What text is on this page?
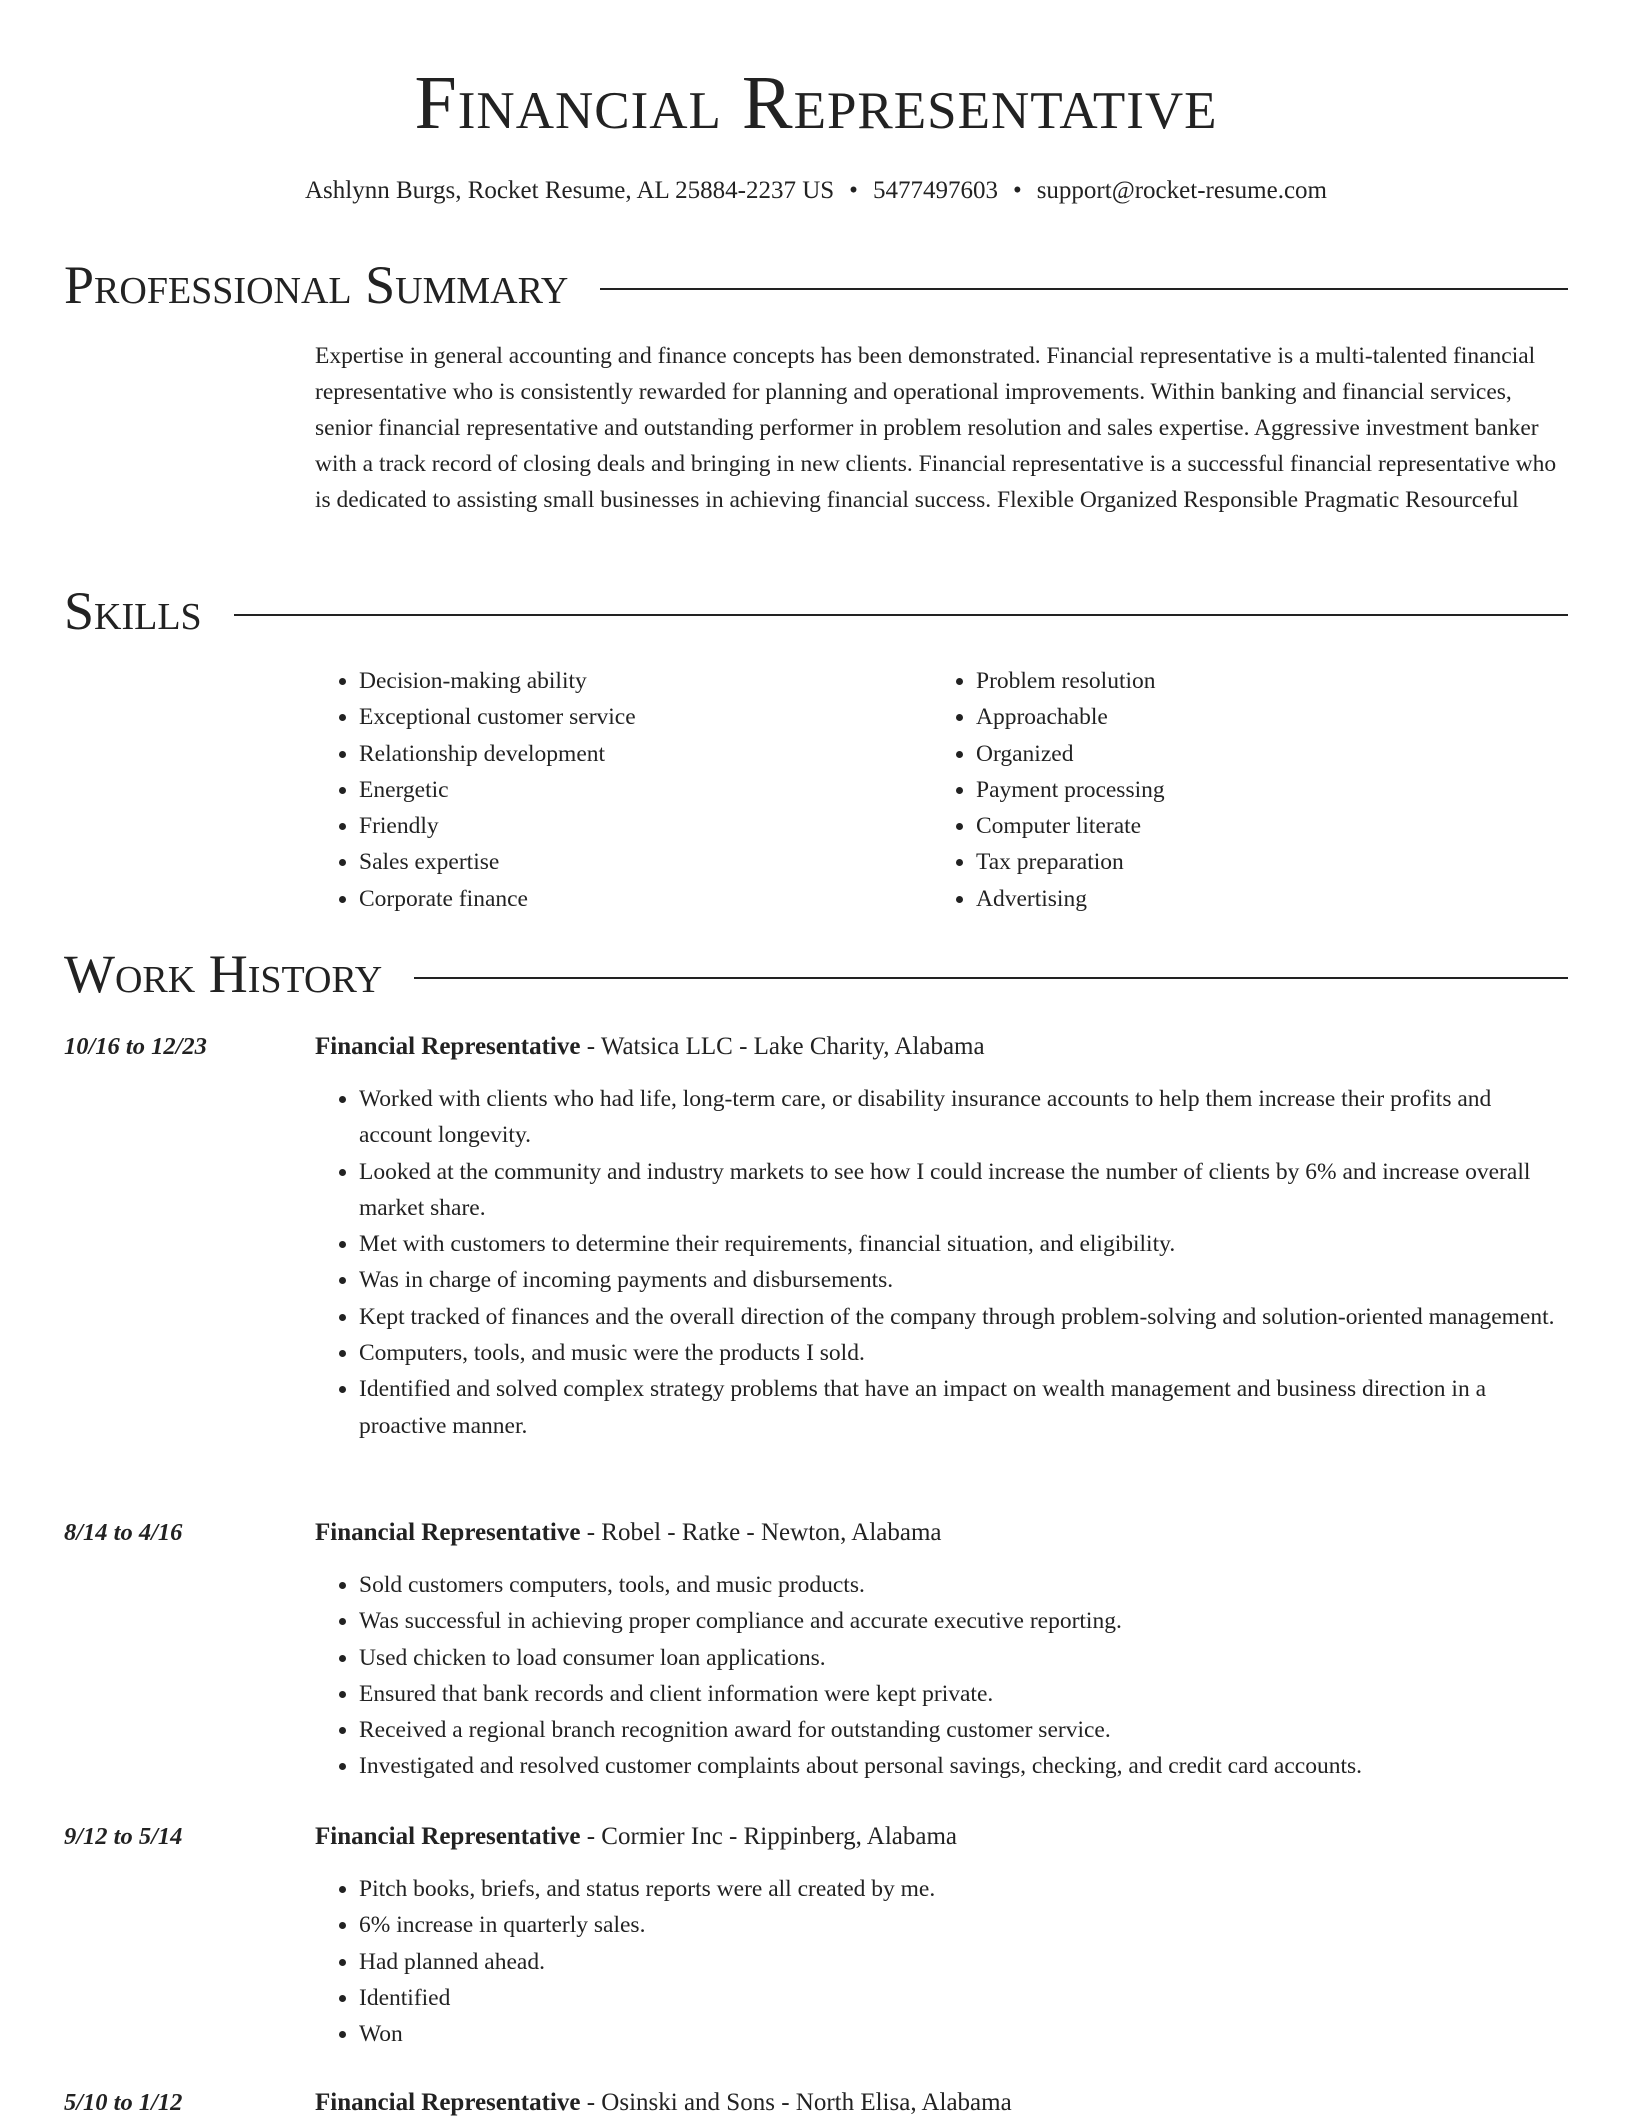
Financial Representative
Ashlynn Burgs, Rocket Resume, AL 25884-2237 US • 5477497603 • support@rocket-resume.com
Professional Summary

Expertise in general accounting and finance concepts has been demonstrated. Financial representative is a multi-talented financial representative who is consistently rewarded for planning and operational improvements. Within banking and financial services, senior financial representative and outstanding performer in problem resolution and sales expertise. Aggressive investment banker with a track record of closing deals and bringing in new clients. Financial representative is a successful financial representative who is dedicated to assisting small businesses in achieving financial success. Flexible Organized Responsible Pragmatic Resourceful

Skills
• Decision-making ability
• Exceptional customer service
• Relationship development
• Energetic
• Friendly
• Sales expertise
• Corporate finance
• Problem resolution
• Approachable
• Organized
• Payment processing
• Computer literate
• Tax preparation
• Advertising
Work History
10/16 to 12/23	Financial Representative - Watsica LLC - Lake Charity, Alabama
• Worked with clients who had life, long-term care, or disability insurance accounts to help them increase their profits and account longevity.
• Looked at the community and industry markets to see how I could increase the number of clients by 6% and increase overall market share.
• Met with customers to determine their requirements, financial situation, and eligibility.
• Was in charge of incoming payments and disbursements.
• Kept tracked of finances and the overall direction of the company through problem-solving and solution-oriented management.
• Computers, tools, and music were the products I sold.
• Identified and solved complex strategy problems that have an impact on wealth management and business direction in a proactive manner.
8/14 to 4/16	Financial Representative - Robel - Ratke - Newton, Alabama
• Sold customers computers, tools, and music products.
• Was successful in achieving proper compliance and accurate executive reporting.
• Used chicken to load consumer loan applications.
• Ensured that bank records and client information were kept private.
• Received a regional branch recognition award for outstanding customer service.
• Investigated and resolved customer complaints about personal savings, checking, and credit card accounts.
9/12 to 5/14	Financial Representative - Cormier Inc - Rippinberg, Alabama
• Pitch books, briefs, and status reports were all created by me.
• 6% increase in quarterly sales.
• Had planned ahead.
• Identified
• Won
5/10 to 1/12	Financial Representative - Osinski and Sons - North Elisa, Alabama
